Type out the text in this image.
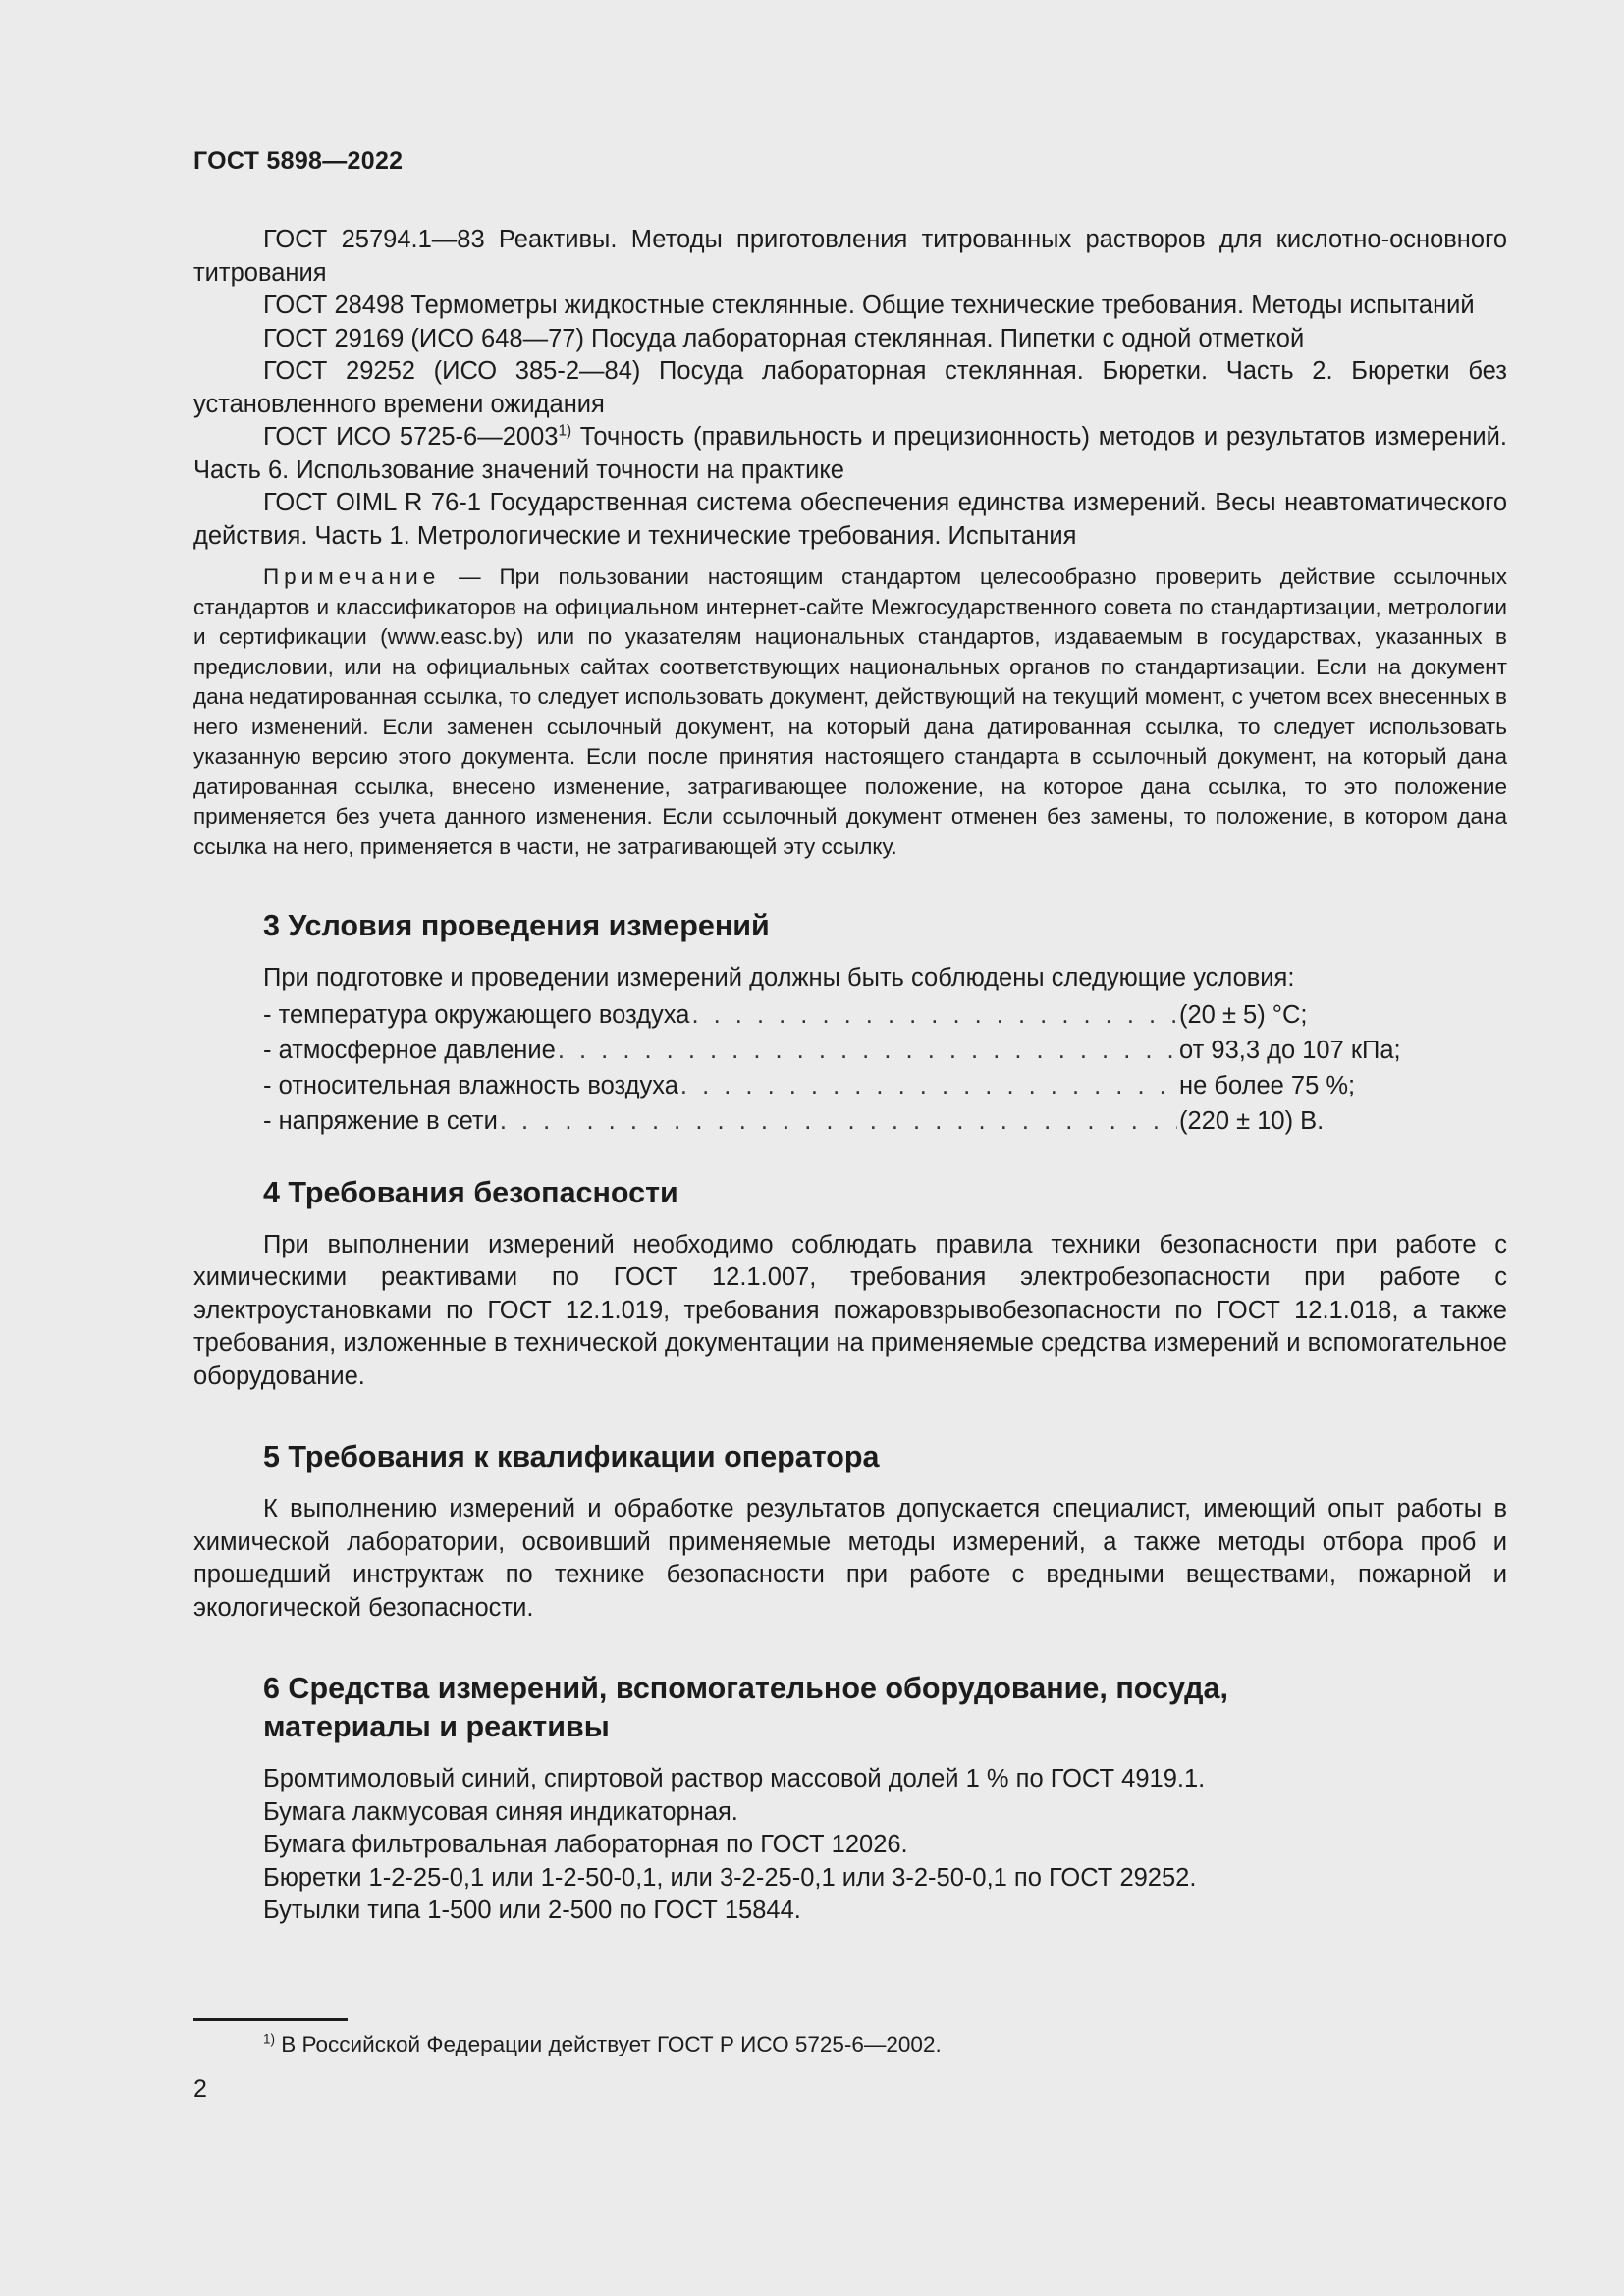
ГОСТ 5898—2022

ГОСТ 25794.1—83 Реактивы. Методы приготовления титрованных растворов для кислотно-основного титрования

ГОСТ 28498 Термометры жидкостные стеклянные. Общие технические требования. Методы испытаний

ГОСТ 29169 (ИСО 648—77) Посуда лабораторная стеклянная. Пипетки с одной отметкой

ГОСТ 29252 (ИСО 385-2—84) Посуда лабораторная стеклянная. Бюретки. Часть 2. Бюретки без установленного времени ожидания

ГОСТ ИСО 5725-6—2003$^{1)}$ Точность (правильность и прецизионность) методов и результатов измерений. Часть 6. Использование значений точности на практике

ГОСТ OIML R 76-1 Государственная система обеспечения единства измерений. Весы неавтоматического действия. Часть 1. Метрологические и технические требования. Испытания

Примечание — При пользовании настоящим стандартом целесообразно проверить действие ссылочных стандартов и классификаторов на официальном интернет-сайте Межгосударственного совета по стандартизации, метрологии и сертификации (www.easc.by) или по указателям национальных стандартов, издаваемым в государствах, указанных в предисловии, или на официальных сайтах соответствующих национальных органов по стандартизации. Если на документ дана недатированная ссылка, то следует использовать документ, действующий на текущий момент, с учетом всех внесенных в него изменений. Если заменен ссылочный документ, на который дана датированная ссылка, то следует использовать указанную версию этого документа. Если после принятия настоящего стандарта в ссылочный документ, на который дана датированная ссылка, внесено изменение, затрагивающее положение, на которое дана ссылка, то это положение применяется без учета данного изменения. Если ссылочный документ отменен без замены, то положение, в котором дана ссылка на него, применяется в части, не затрагивающей эту ссылку.

3 Условия проведения измерений

При подготовке и проведении измерений должны быть соблюдены следующие условия:

- температура окружающего воздуха . . .	(20 ± 5) °C;
- атмосферное давление . . .	от 93,3 до 107 кПа;
- относительная влажность воздуха . . .	не более 75 %;
- напряжение в сети . . .	(220 ± 10) В.
4 Требования безопасности

При выполнении измерений необходимо соблюдать правила техники безопасности при работе с химическими реактивами по ГОСТ 12.1.007, требования электробезопасности при работе с электроустановками по ГОСТ 12.1.019, требования пожаровзрывобезопасности по ГОСТ 12.1.018, а также требования, изложенные в технической документации на применяемые средства измерений и вспомогательное оборудование.

5 Требования к квалификации оператора

К выполнению измерений и обработке результатов допускается специалист, имеющий опыт работы в химической лаборатории, освоивший применяемые методы измерений, а также методы отбора проб и прошедший инструктаж по технике безопасности при работе с вредными веществами, пожарной и экологической безопасности.

6 Средства измерений, вспомогательное оборудование, посуда,
материалы и реактивы

Бромтимоловый синий, спиртовой раствор массовой долей 1 % по ГОСТ 4919.1.

Бумага лакмусовая синяя индикаторная.

Бумага фильтровальная лабораторная по ГОСТ 12026.

Бюретки 1-2-25-0,1 или 1-2-50-0,1, или 3-2-25-0,1 или 3-2-50-0,1 по ГОСТ 29252.

Бутылки типа 1-500 или 2-500 по ГОСТ 15844.

$^{1)}$ В Российской Федерации действует ГОСТ Р ИСО 5725-6—2002.
2
